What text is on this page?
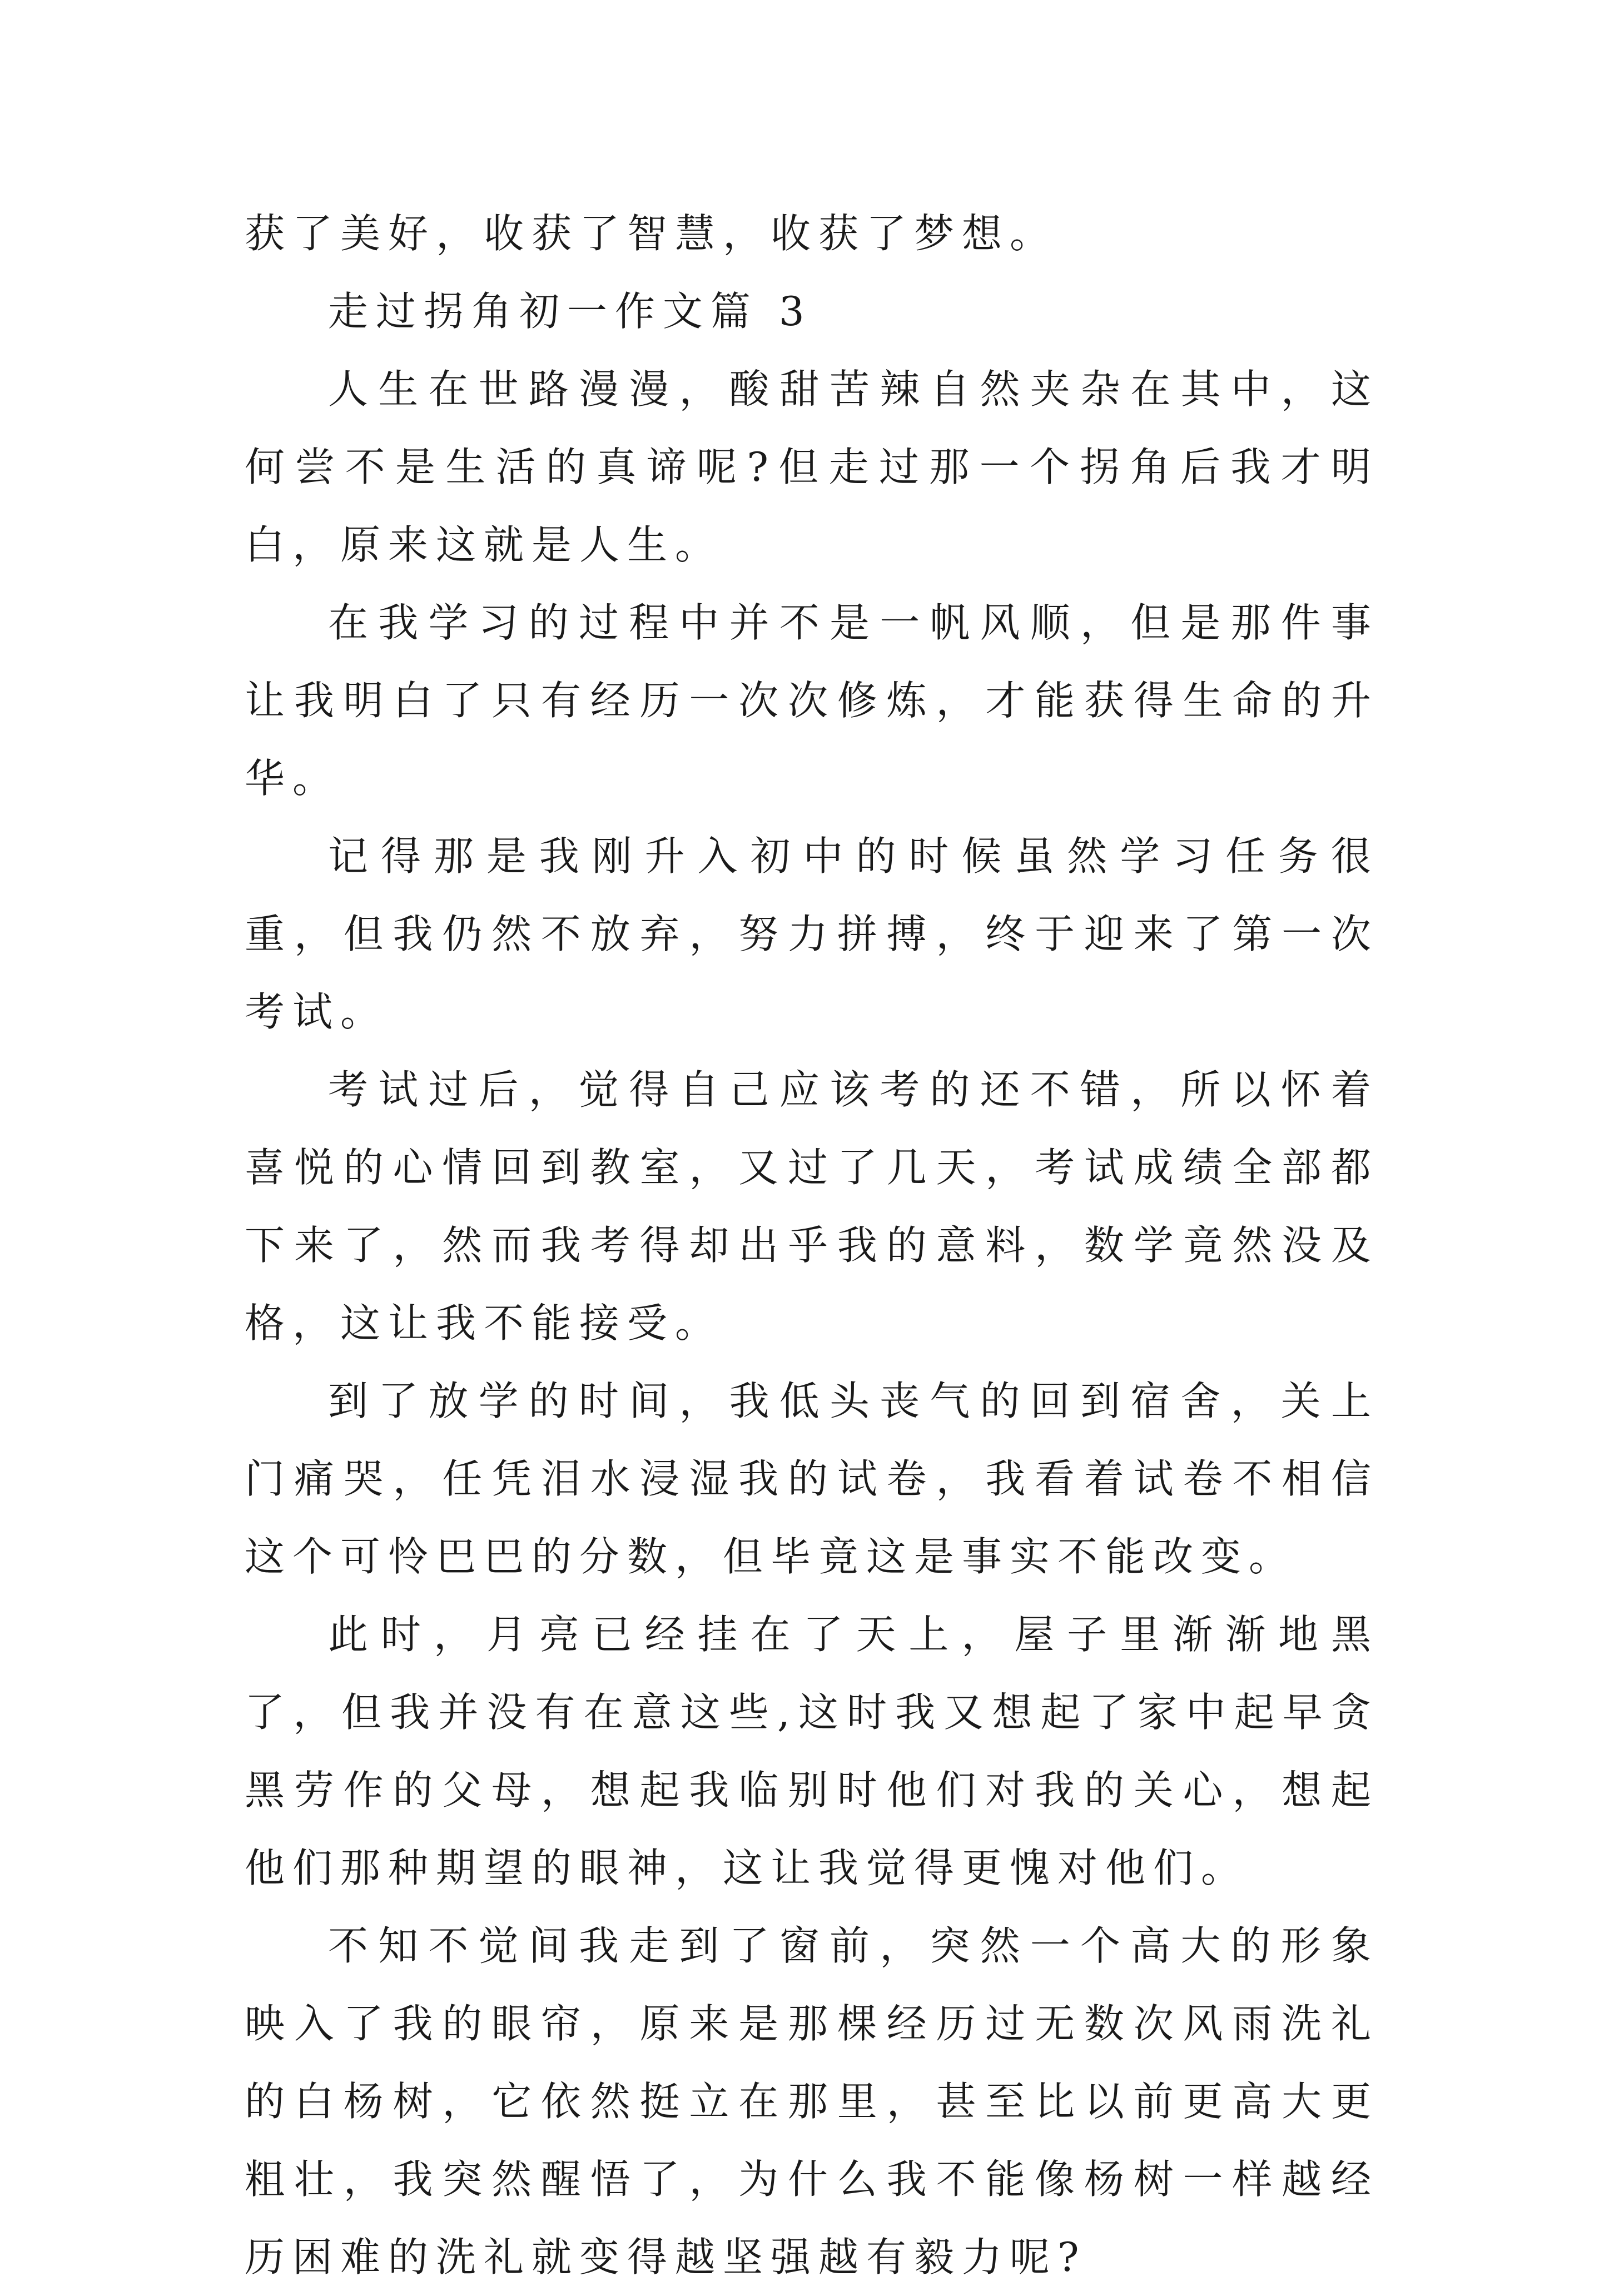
获了美好，收获了智慧，收获了梦想。

走过拐角初一作文篇 3

人生在世路漫漫，酸甜苦辣自然夹杂在其中，这何尝不是生活的真谛呢?但走过那一个拐角后我才明白，原来这就是人生。

在我学习的过程中并不是一帆风顺，但是那件事让我明白了只有经历一次次修炼，才能获得生命的升华。

记得那是我刚升入初中的时候虽然学习任务很重，但我仍然不放弃，努力拼搏，终于迎来了第一次考试。

考试过后，觉得自己应该考的还不错，所以怀着喜悦的心情回到教室，又过了几天，考试成绩全部都下来了，然而我考得却出乎我的意料，数学竟然没及格，这让我不能接受。

到了放学的时间，我低头丧气的回到宿舍，关上门痛哭，任凭泪水浸湿我的试卷，我看着试卷不相信这个可怜巴巴的分数，但毕竟这是事实不能改变。

此时，月亮已经挂在了天上，屋子里渐渐地黑了，但我并没有在意这些,这时我又想起了家中起早贪黑劳作的父母，想起我临别时他们对我的关心，想起他们那种期望的眼神，这让我觉得更愧对他们。

不知不觉间我走到了窗前，突然一个高大的形象映入了我的眼帘，原来是那棵经历过无数次风雨洗礼的白杨树，它依然挺立在那里，甚至比以前更高大更粗壮，我突然醒悟了，为什么我不能像杨树一样越经历困难的洗礼就变得越坚强越有毅力呢?
